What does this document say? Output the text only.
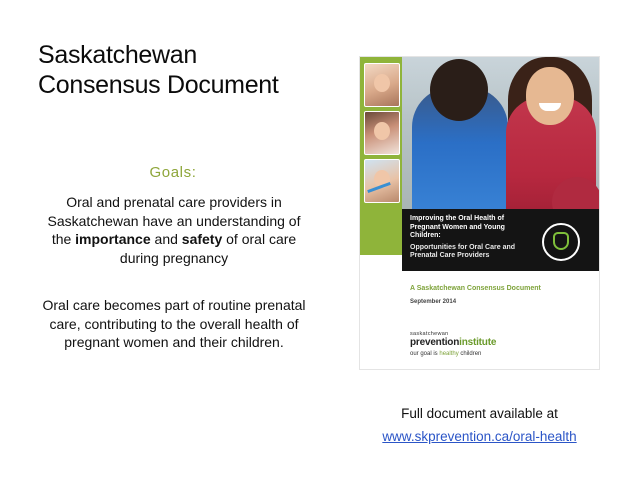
Saskatchewan
Consensus Document
Goals:
Oral and prenatal care providers in Saskatchewan have an understanding of the importance and safety of oral care during pregnancy
Oral care becomes part of routine prenatal care, contributing to the overall health of pregnant women and their children.
Improving the Oral Health of Pregnant Women and Young Children:
Opportunities for Oral Care and Prenatal Care Providers
A Saskatchewan Consensus Document
September 2014
saskatchewan
preventioninstitute
our goal is healthy children
Full document available at
www.skprevention.ca/oral-health
